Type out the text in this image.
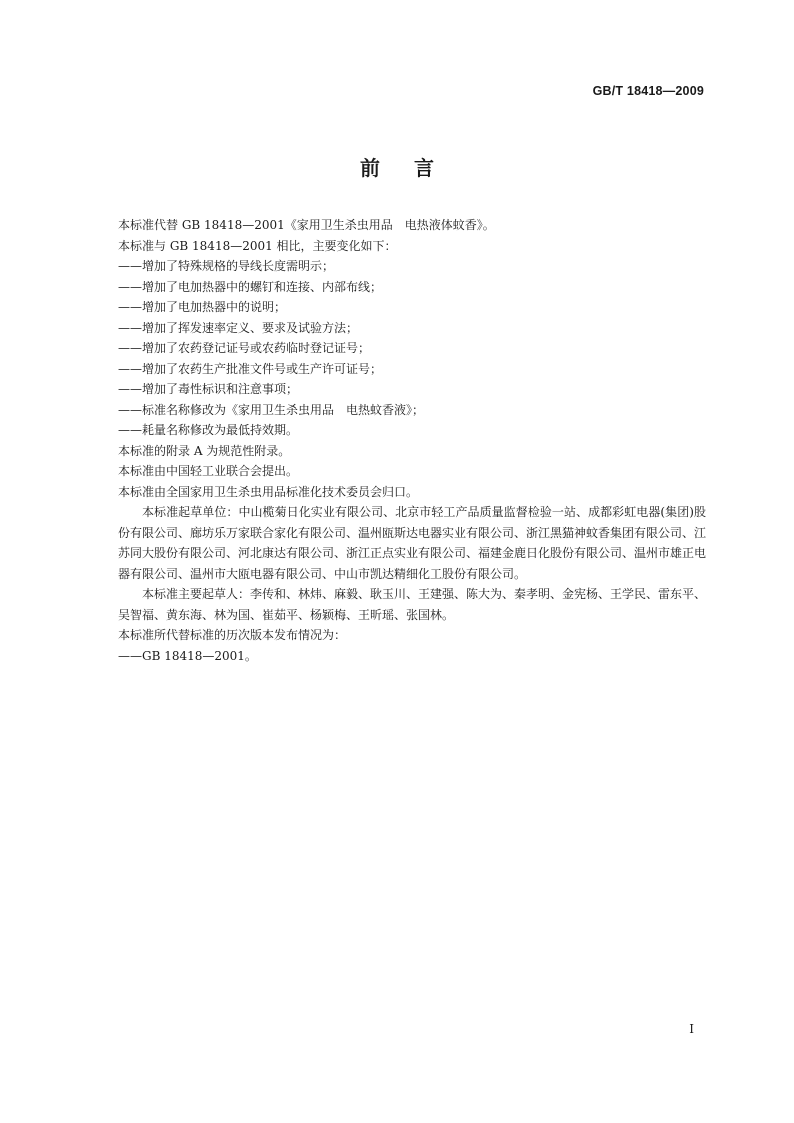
GB/T 18418—2009
前言

本标准代替 GB 18418—2001《家用卫生杀虫用品　电热液体蚊香》。

本标准与 GB 18418—2001 相比，主要变化如下：

——增加了特殊规格的导线长度需明示；

——增加了电加热器中的螺钉和连接、内部布线；

——增加了电加热器中的说明；

——增加了挥发速率定义、要求及试验方法；

——增加了农药登记证号或农药临时登记证号；

——增加了农药生产批准文件号或生产许可证号；

——增加了毒性标识和注意事项；

——标准名称修改为《家用卫生杀虫用品　电热蚊香液》；

——耗量名称修改为最低持效期。

本标准的附录 A 为规范性附录。

本标准由中国轻工业联合会提出。

本标准由全国家用卫生杀虫用品标准化技术委员会归口。

本标准起草单位：中山榄菊日化实业有限公司、北京市轻工产品质量监督检验一站、成都彩虹电器(集团)股份有限公司、廊坊乐万家联合家化有限公司、温州瓯斯达电器实业有限公司、浙江黑猫神蚊香集团有限公司、江苏同大股份有限公司、河北康达有限公司、浙江正点实业有限公司、福建金鹿日化股份有限公司、温州市雄正电器有限公司、温州市大瓯电器有限公司、中山市凯达精细化工股份有限公司。

本标准主要起草人：李传和、林炜、麻毅、耿玉川、王建强、陈大为、秦孝明、金宪杨、王学民、雷东平、吴智福、黄东海、林为国、崔茹平、杨颖梅、王昕瑶、张国林。

本标准所代替标准的历次版本发布情况为：

——GB 18418—2001。

I
